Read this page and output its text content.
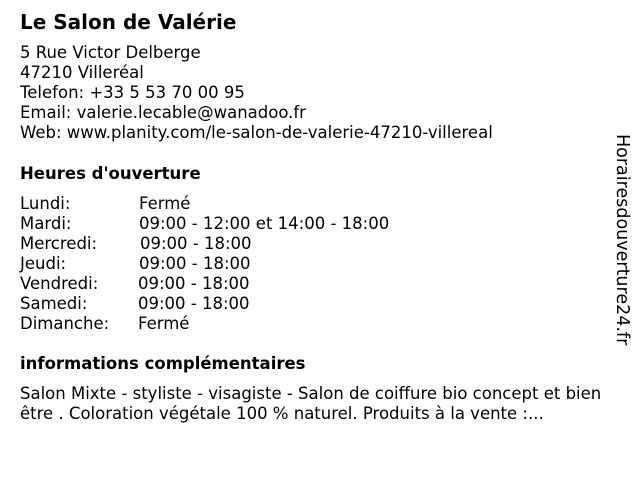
Le Salon de Valérie
5 Rue Victor Delberge
47210 Villeréal
Telefon: +33 5 53 70 00 95
Email: valerie.lecable@wanadoo.fr
Web: www.planity.com/le-salon-de-valerie-47210-villereal
Heures d'ouverture
Lundi:	Fermé
Mardi:	09:00 - 12:00 et 14:00 - 18:00
Mercredi:	09:00 - 18:00
Jeudi:	09:00 - 18:00
Vendredi: 09:00 - 18:00
Samedi:	09:00 - 18:00
Dimanche: Fermé
informations complémentaires
Salon Mixte - styliste - visagiste - Salon de coiffure bio concept et bien être . Coloration végétale 100 % naturel. Produits à la vente :...
Horairesdouverture24.fr
